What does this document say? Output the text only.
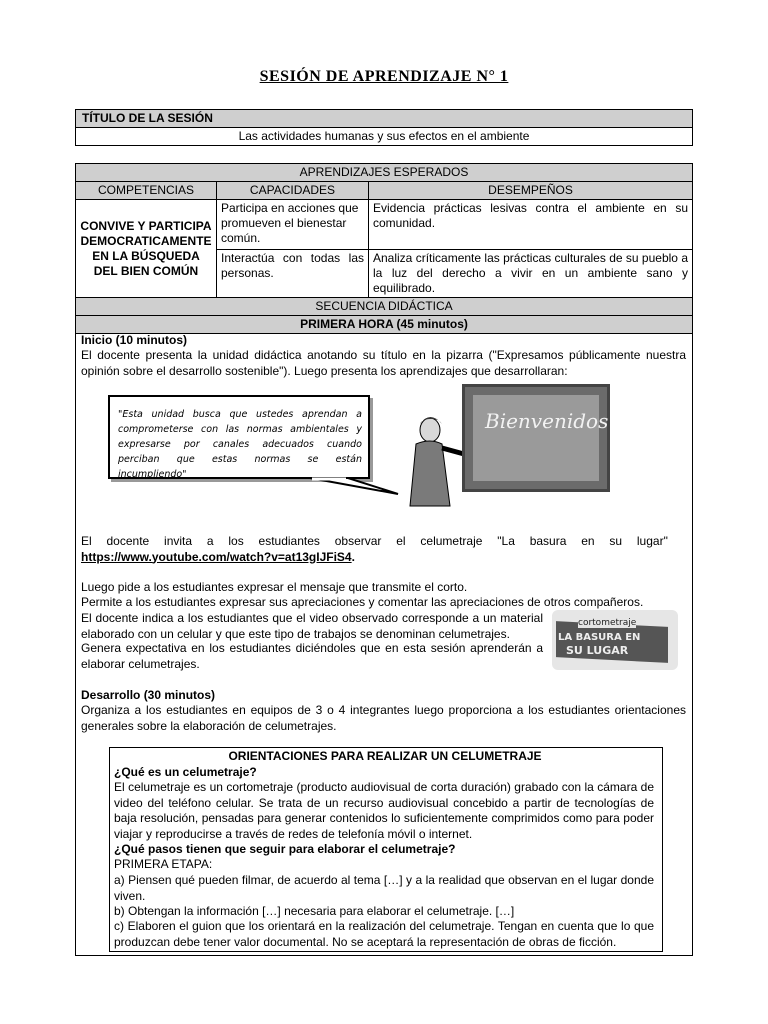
SESIÓN DE APRENDIZAJE N° 1
TÍTULO DE LA SESIÓN
Las actividades humanas y sus efectos en el ambiente
APRENDIZAJES ESPERADOS		
COMPETENCIAS	CAPACIDADES	DESEMPEÑOS
CONVIVE Y PARTICIPA DEMOCRATICAMENTE EN LA BÚSQUEDA DEL BIEN COMÚN	Participa en acciones que promueven el bienestar común.	Evidencia prácticas lesivas contra el ambiente en su comunidad.
	Interactúa con todas las personas.	Analiza críticamente las prácticas culturales de su pueblo a la luz del derecho a vivir en un ambiente sano y equilibrado.
SECUENCIA DIDÁCTICA
PRIMERA HORA (45 minutos)
Inicio (10 minutos)
El docente presenta la unidad didáctica anotando su título en la pizarra ("Expresamos públicamente nuestra opinión sobre el desarrollo sostenible"). Luego presenta los aprendizajes que desarrollaran:
"Esta unidad busca que ustedes aprendan a comprometerse con las normas ambientales y expresarse por canales adecuados cuando perciban que estas normas se están incumpliendo"
Bienvenidos
El docente invita a los estudiantes observar el celumetraje "La basura en su lugar"   https://www.youtube.com/watch?v=at13gIJFiS4.
Luego pide a los estudiantes expresar el mensaje que transmite el corto.
Permite a los estudiantes expresar sus apreciaciones y comentar las apreciaciones de otros compañeros.
El docente indica a los estudiantes que el video observado corresponde a un material elaborado con un celular y que este tipo de trabajos se denominan celumetrajes.
Genera expectativa en los estudiantes diciéndoles que en esta sesión aprenderán a elaborar celumetrajes.
cortometraje
LA BASURA EN
SU LUGAR
Desarrollo (30 minutos)
Organiza a los estudiantes en equipos de 3 o 4 integrantes luego proporciona a los estudiantes orientaciones generales sobre la elaboración de celumetrajes.
ORIENTACIONES PARA REALIZAR UN CELUMETRAJE
¿Qué es un celumetraje?
El celumetraje es un cortometraje (producto audiovisual de corta duración) grabado con la cámara de video del teléfono celular. Se trata de un recurso audiovisual concebido a partir de tecnologías de baja resolución, pensadas para generar contenidos lo suficientemente comprimidos como para poder viajar y reproducirse a través de redes de telefonía móvil o internet.
¿Qué pasos tienen que seguir para elaborar el celumetraje?
PRIMERA ETAPA:
a) Piensen qué pueden filmar, de acuerdo al tema […] y a la realidad que observan en el lugar donde viven.
b) Obtengan la información […] necesaria para elaborar el celumetraje. […]
c) Elaboren el guion que los orientará en la realización del celumetraje. Tengan en cuenta que lo que produzcan debe tener valor documental. No se aceptará la representación de obras de ficción.
